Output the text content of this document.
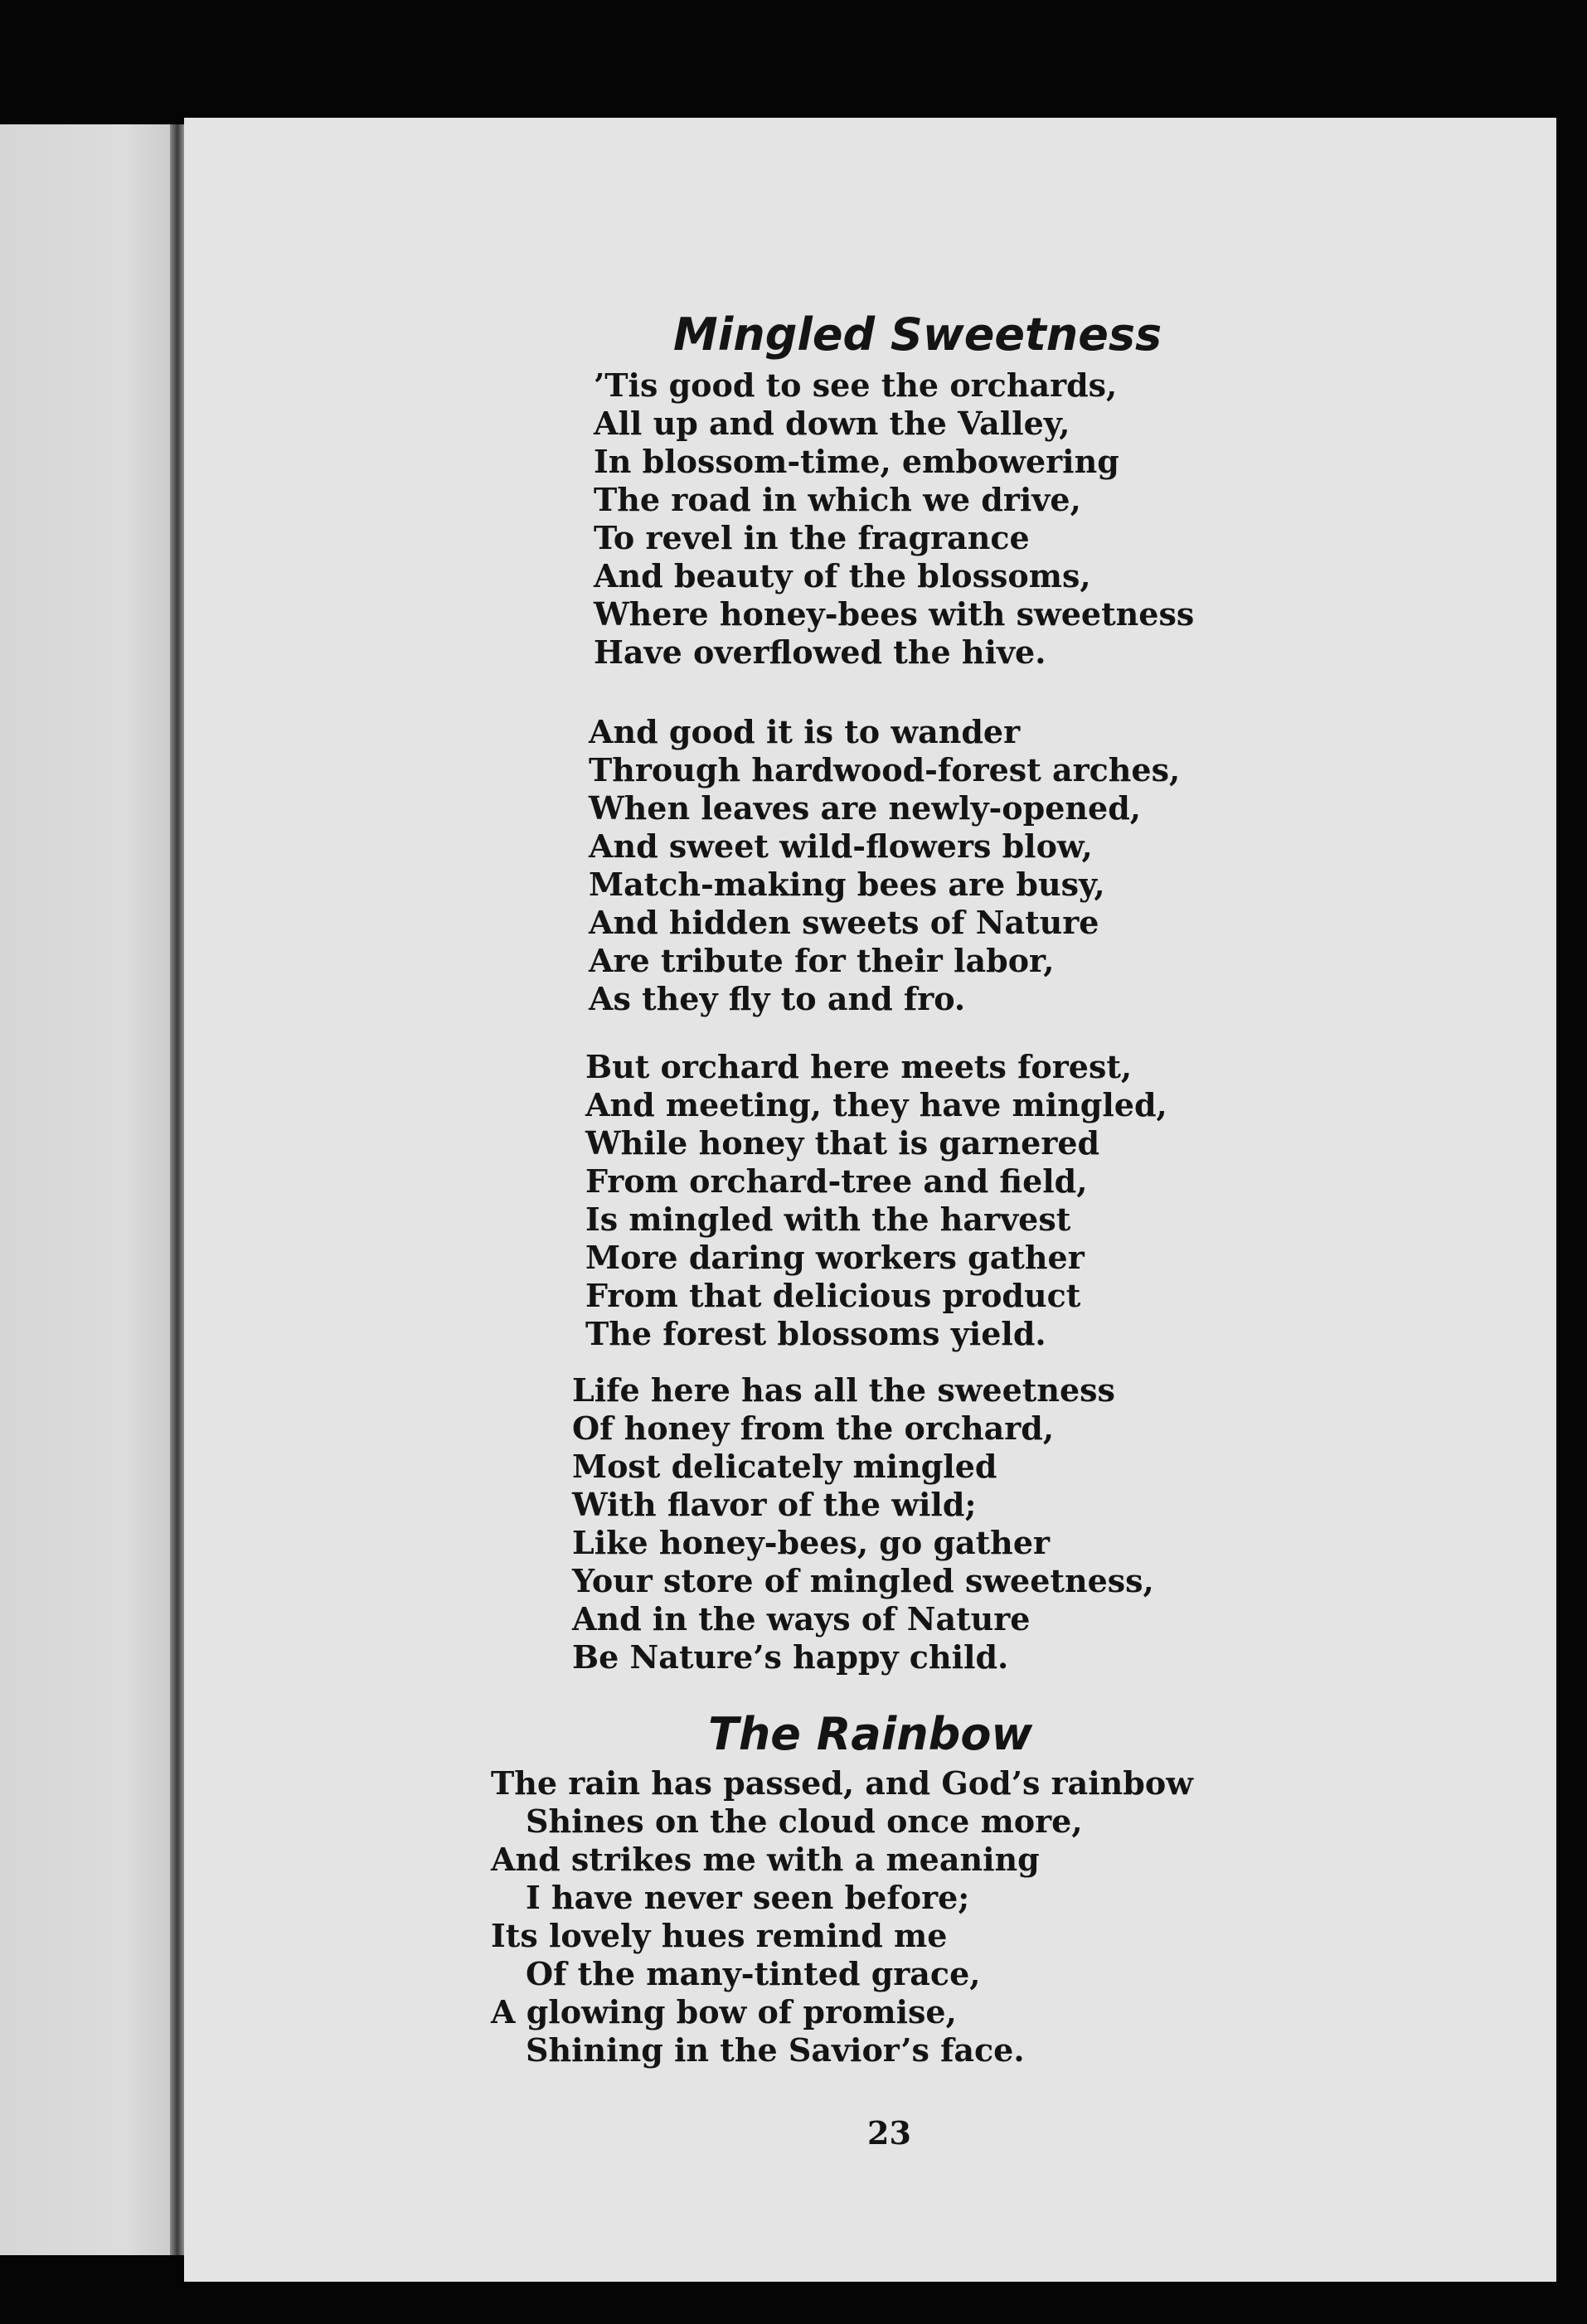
Mingled Sweetness
’Tis good to see the orchards,
All up and down the Valley,
In blossom-time, embowering
The road in which we drive,
To revel in the fragrance
And beauty of the blossoms,
Where honey-bees with sweetness
Have overflowed the hive.
And good it is to wander
Through hardwood-forest arches,
When leaves are newly-opened,
And sweet wild-flowers blow,
Match-making bees are busy,
And hidden sweets of Nature
Are tribute for their labor,
As they fly to and fro.
But orchard here meets forest,
And meeting, they have mingled,
While honey that is garnered
From orchard-tree and field,
Is mingled with the harvest
More daring workers gather
From that delicious product
The forest blossoms yield.
Life here has all the sweetness
Of honey from the orchard,
Most delicately mingled
With flavor of the wild;
Like honey-bees, go gather
Your store of mingled sweetness,
And in the ways of Nature
Be Nature’s happy child.
The Rainbow
The rain has passed, and God’s rainbow
Shines on the cloud once more,
And strikes me with a meaning
I have never seen before;
Its lovely hues remind me
Of the many-tinted grace,
A glowing bow of promise,
Shining in the Savior’s face.
23
